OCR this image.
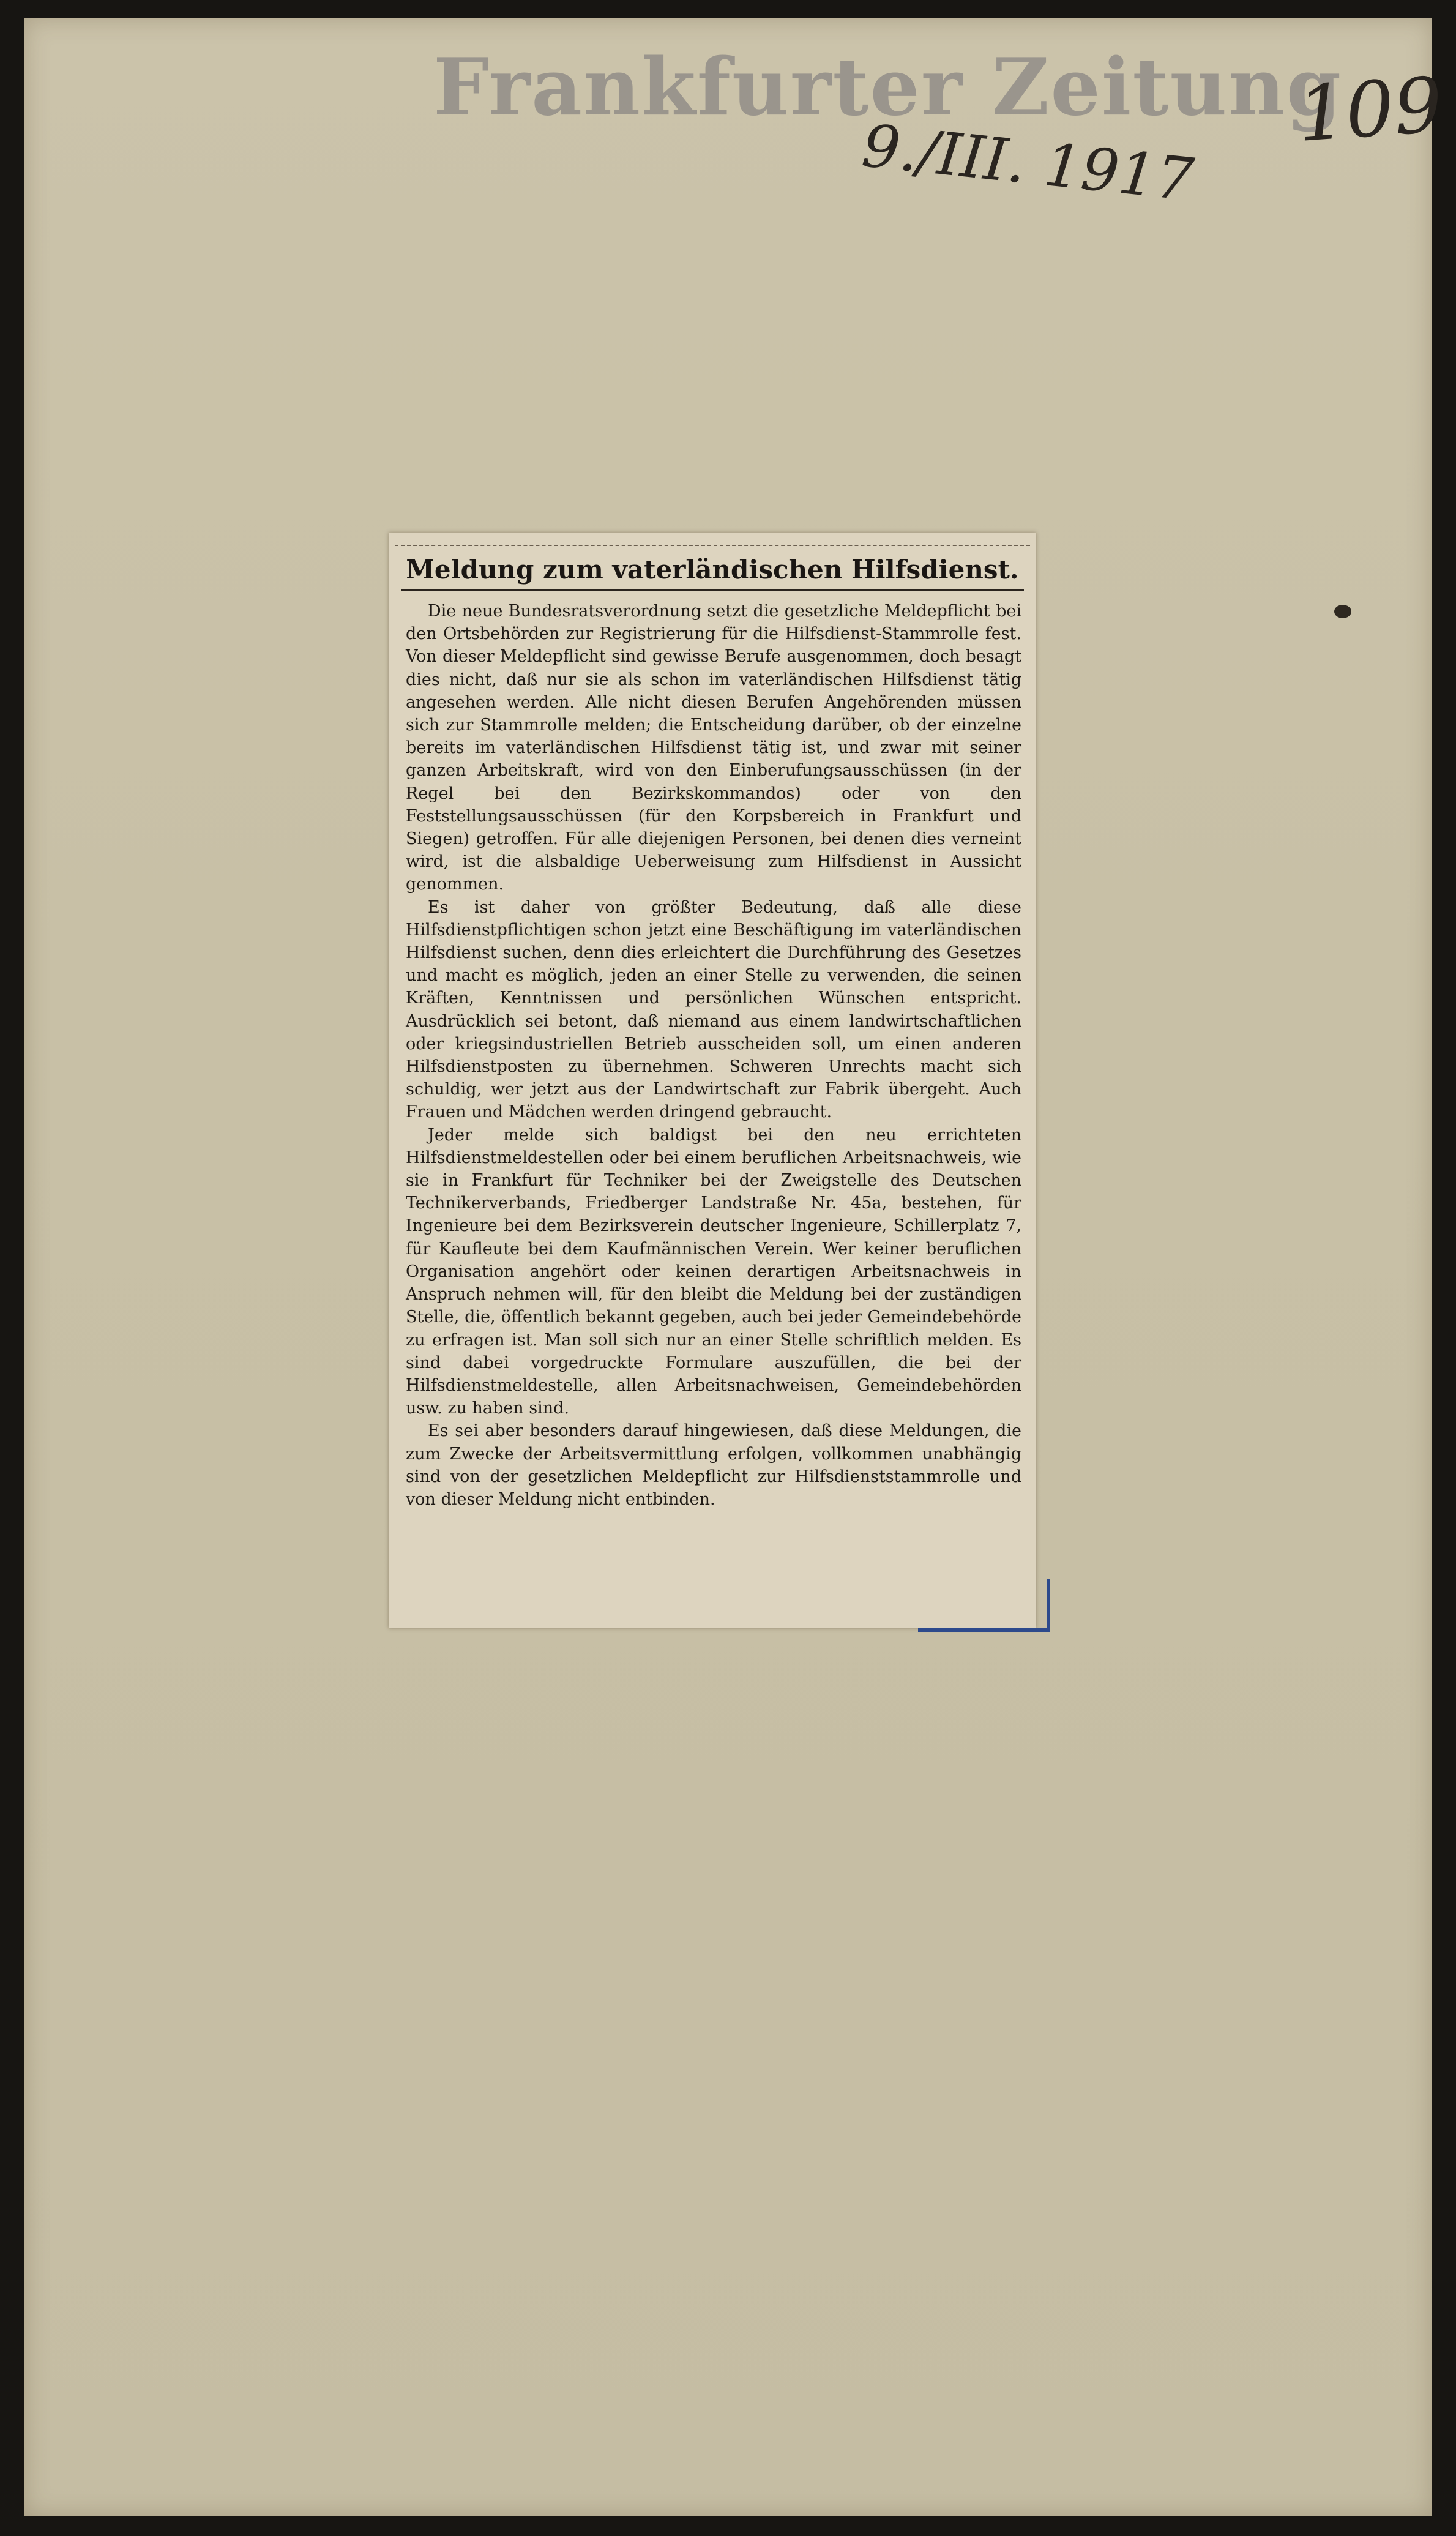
Frankfurter Zeitung
9./III. 1917
109
Meldung zum vaterländischen Hilfsdienst.

Die neue Bundesratsverordnung setzt die gesetzliche Meldepflicht bei den Ortsbehörden zur Registrierung für die Hilfsdienst-Stammrolle fest. Von dieser Meldepflicht sind gewisse Berufe ausgenommen, doch besagt dies nicht, daß nur sie als schon im vaterländischen Hilfsdienst tätig angesehen werden. Alle nicht diesen Berufen Angehörenden müssen sich zur Stammrolle melden; die Entscheidung darüber, ob der einzelne bereits im vaterländischen Hilfsdienst tätig ist, und zwar mit seiner ganzen Arbeitskraft, wird von den Einberufungsausschüssen (in der Regel bei den Bezirkskommandos) oder von den Feststellungsausschüssen (für den Korpsbereich in Frankfurt und Siegen) getroffen. Für alle diejenigen Personen, bei denen dies verneint wird, ist die alsbaldige Ueberweisung zum Hilfsdienst in Aussicht genommen.

Es ist daher von größter Bedeutung, daß alle diese Hilfsdienstpflichtigen schon jetzt eine Beschäftigung im vaterländischen Hilfsdienst suchen, denn dies erleichtert die Durchführung des Gesetzes und macht es möglich, jeden an einer Stelle zu verwenden, die seinen Kräften, Kenntnissen und persönlichen Wünschen entspricht. Ausdrücklich sei betont, daß niemand aus einem landwirtschaftlichen oder kriegsindustriellen Betrieb ausscheiden soll, um einen anderen Hilfsdienstposten zu übernehmen. Schweren Unrechts macht sich schuldig, wer jetzt aus der Landwirtschaft zur Fabrik übergeht. Auch Frauen und Mädchen werden dringend gebraucht.

Jeder melde sich baldigst bei den neu errichteten Hilfsdienstmeldestellen oder bei einem beruflichen Arbeitsnachweis, wie sie in Frankfurt für Techniker bei der Zweigstelle des Deutschen Technikerverbands, Friedberger Landstraße Nr. 45a, bestehen, für Ingenieure bei dem Bezirksverein deutscher Ingenieure, Schillerplatz 7, für Kaufleute bei dem Kaufmännischen Verein. Wer keiner beruflichen Organisation angehört oder keinen derartigen Arbeitsnachweis in Anspruch nehmen will, für den bleibt die Meldung bei der zuständigen Stelle, die, öffentlich bekannt gegeben, auch bei jeder Gemeindebehörde zu erfragen ist. Man soll sich nur an einer Stelle schriftlich melden. Es sind dabei vorgedruckte Formulare auszufüllen, die bei der Hilfsdienstmeldestelle, allen Arbeitsnachweisen, Gemeindebehörden usw. zu haben sind.

Es sei aber besonders darauf hingewiesen, daß diese Meldungen, die zum Zwecke der Arbeitsvermittlung erfolgen, vollkommen unabhängig sind von der gesetzlichen Meldepflicht zur Hilfsdienststammrolle und von dieser Meldung nicht entbinden.
